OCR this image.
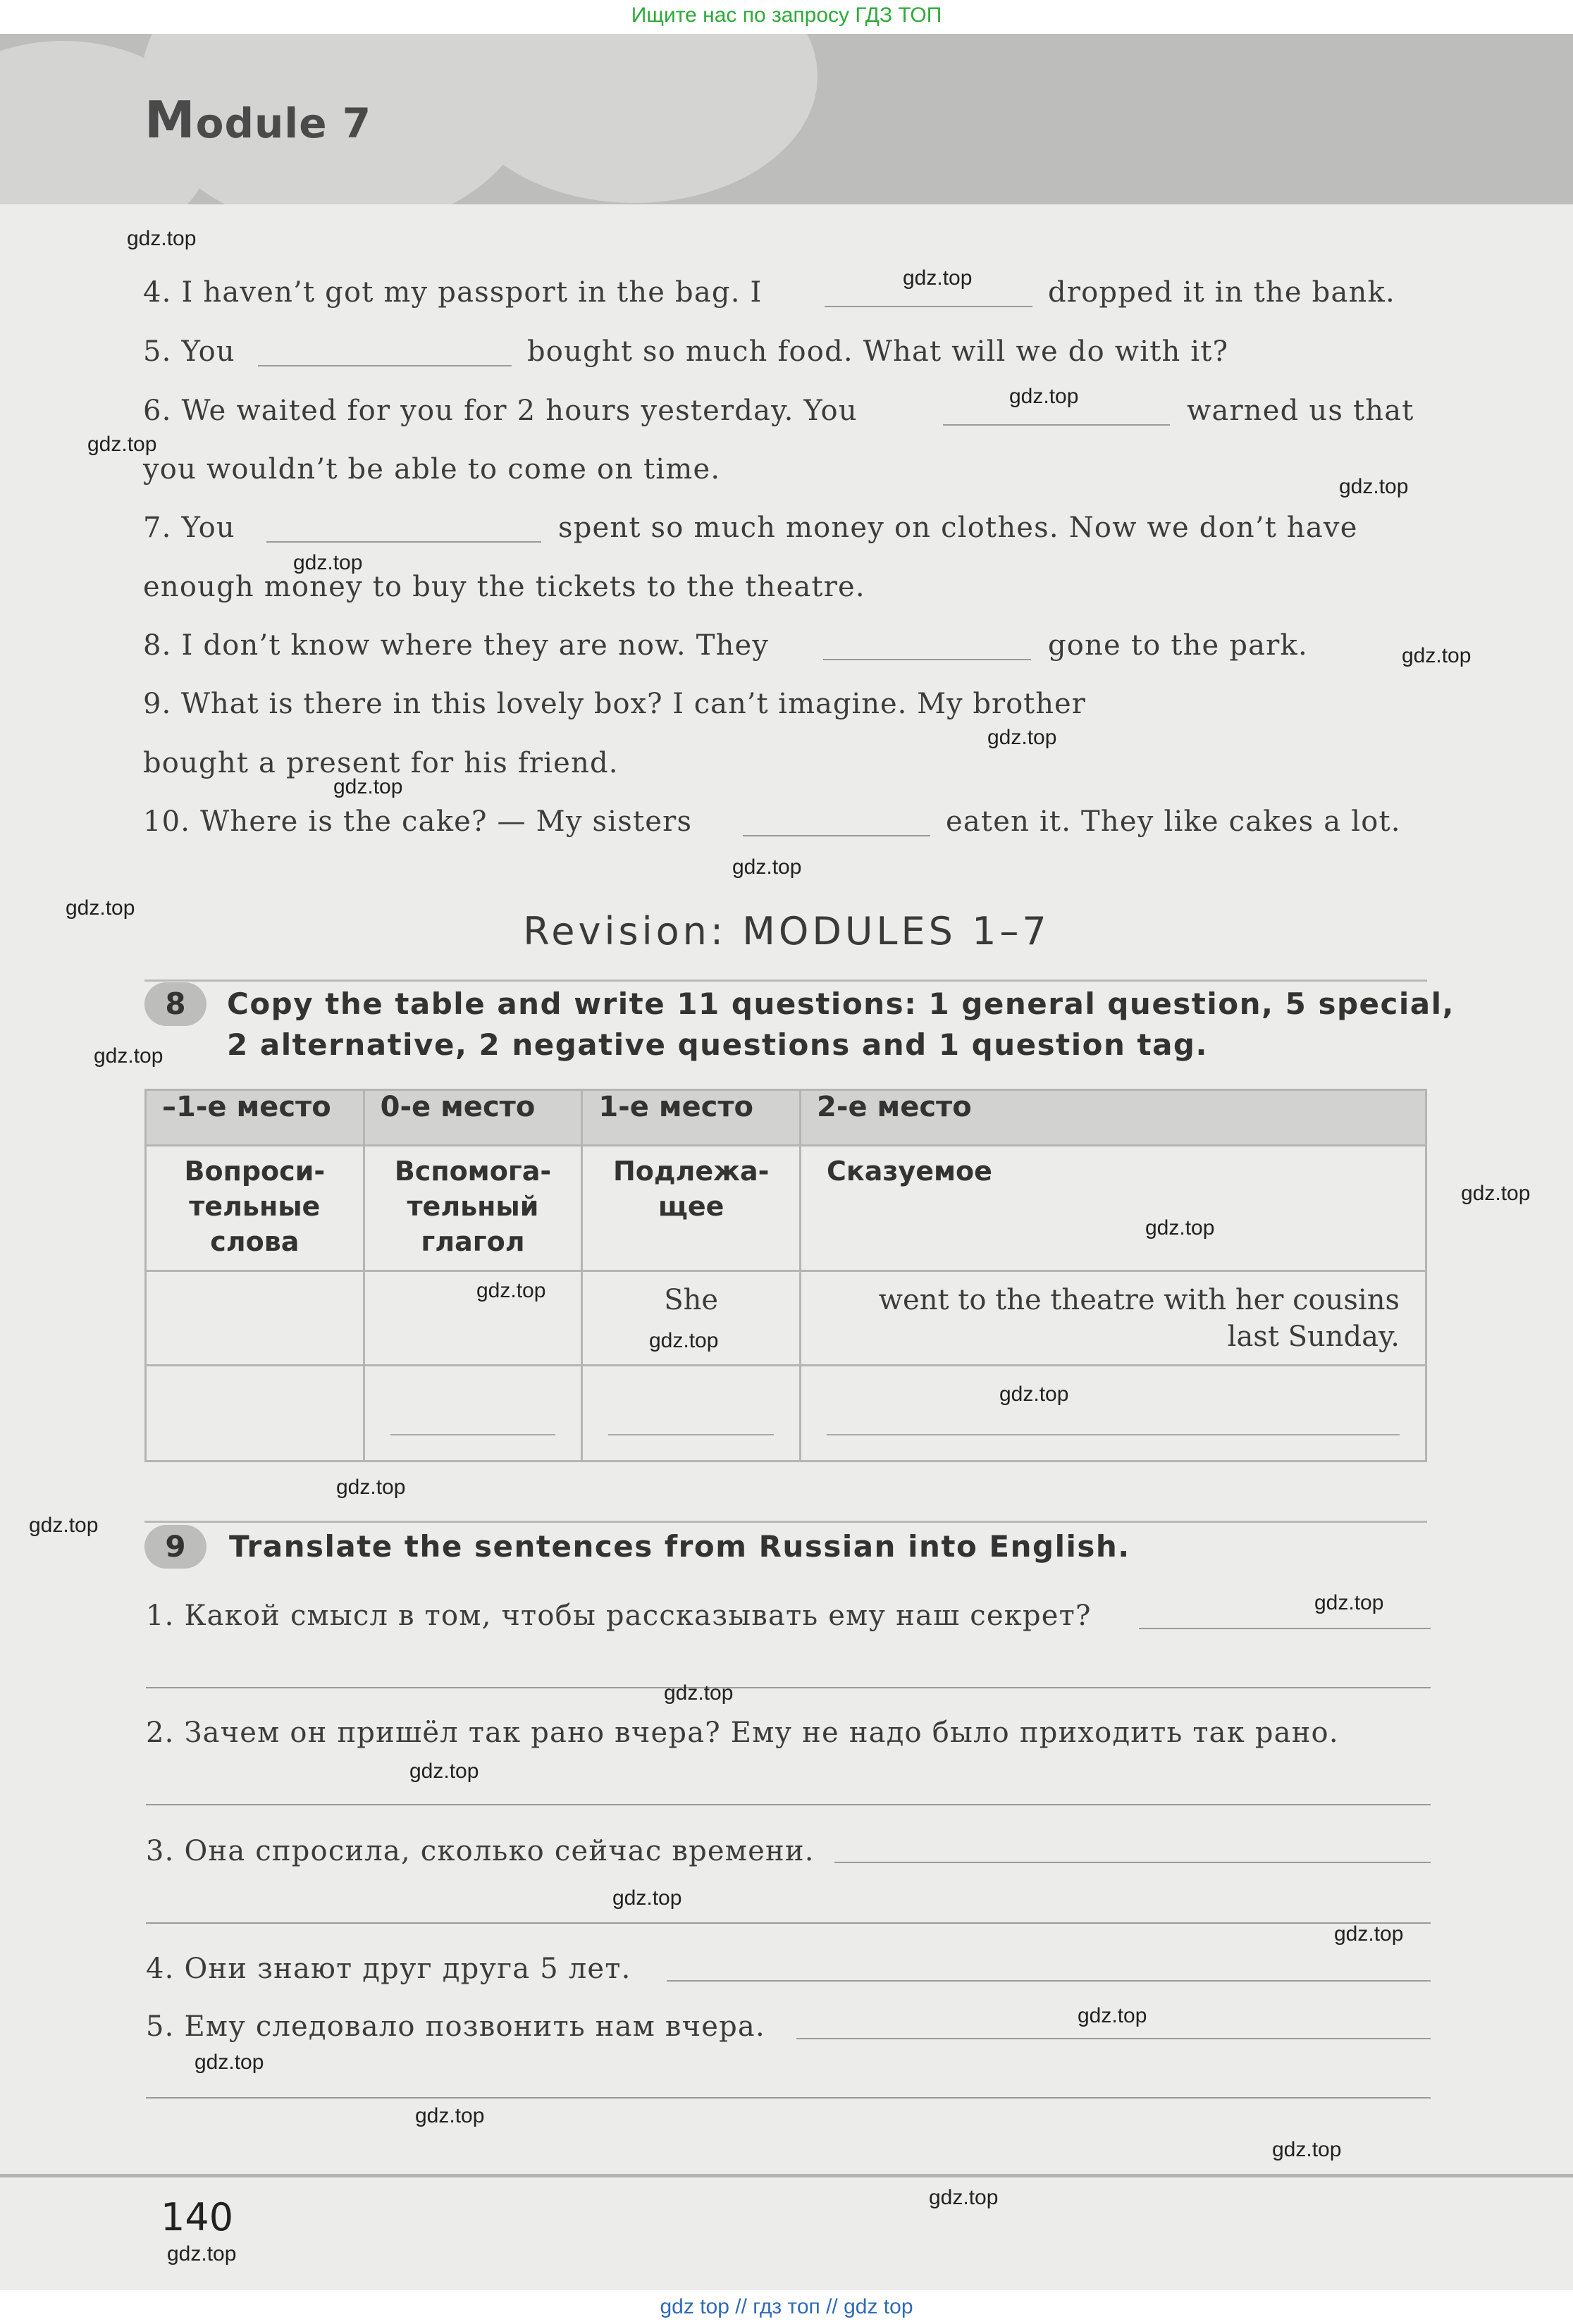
Ищите нас по запросу ГДЗ ТОП
Module 7
4. I haven’t got my passport in the bag. I	dropped it in the bank.
5. You	bought so much food. What will we do with it?
6. We waited for you for 2 hours yesterday. You	warned us that
you wouldn’t be able to come on time.
7. You	spent so much money on clothes. Now we don’t have
enough money to buy the tickets to the theatre.
8. I don’t know where they are now. They	gone to the park.
9. What is there in this lovely box? I can’t imagine. My brother
bought a present for his friend.
10. Where is the cake? — My sisters	eaten it. They like cakes a lot.
Revision: MODULES 1–7
8	Copy the table and write 11 questions: 1 general question, 5 special,
2 alternative, 2 negative questions and 1 question tag.
–1-е место	0-е место	1-е место	2-е место

Вопроси-
тельные
слова	Вспомога-
тельный
глагол	Подлежа-
щее	Сказуемое

		She	went to the theatre with her cousins
last Sunday.

9	Translate the sentences from Russian into English.
1. Какой смысл в том, чтобы рассказывать ему наш секрет?
2. Зачем он пришёл так рано вчера? Ему не надо было приходить так рано.
3. Она спросила, сколько сейчас времени.
4. Они знают друг друга 5 лет.
5. Ему следовало позвонить нам вчера.
140
gdz.top
gdz.top
gdz.top
gdz.top
gdz.top
gdz.top
gdz.top
gdz.top
gdz.top
gdz.top
gdz.top
gdz.top
gdz.top
gdz.top
gdz.top
gdz.top
gdz.top
gdz.top
gdz.top
gdz.top
gdz.top
gdz.top
gdz.top
gdz.top
gdz.top
gdz.top
gdz.top
gdz.top
gdz.top
gdz.top
gdz top // гдз топ // gdz top
